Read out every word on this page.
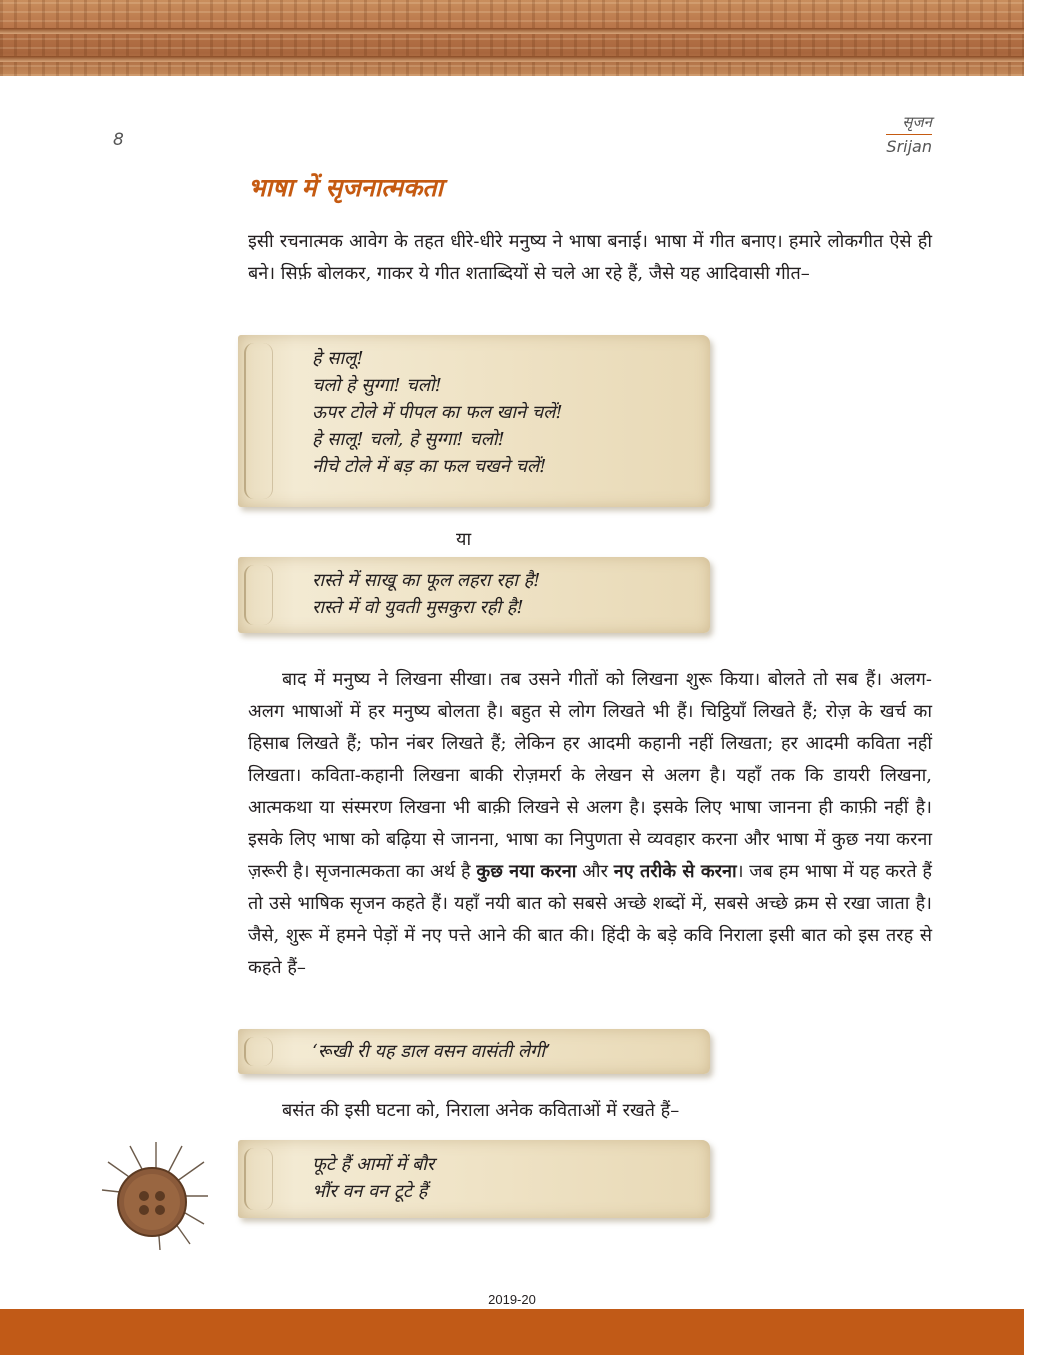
8
सृजन
Srijan
भाषा में सृजनात्मकता

इसी रचनात्मक आवेग के तहत धीरे-धीरे मनुष्य ने भाषा बनाई। भाषा में गीत बनाए। हमारे लोकगीत ऐसे ही बने। सिर्फ़ बोलकर, गाकर ये गीत शताब्दियों से चले आ रहे हैं, जैसे यह आदिवासी गीत–

हे सालू!
चलो हे सुग्गा! चलो!
ऊपर टोले में पीपल का फल खाने चलें!
हे सालू! चलो, हे सुग्गा! चलो!
नीचे टोले में बड़ का फल चखने चलें!
या
रास्ते में साखू का फूल लहरा रहा है!
रास्ते में वो युवती मुसकुरा रही है!

बाद में मनुष्य ने लिखना सीखा। तब उसने गीतों को लिखना शुरू किया। बोलते तो सब हैं। अलग-अलग भाषाओं में हर मनुष्य बोलता है। बहुत से लोग लिखते भी हैं। चिट्ठियाँ लिखते हैं; रोज़ के खर्च का हिसाब लिखते हैं; फोन नंबर लिखते हैं; लेकिन हर आदमी कहानी नहीं लिखता; हर आदमी कविता नहीं लिखता। कविता-कहानी लिखना बाकी रोज़मर्रा के लेखन से अलग है। यहाँ तक कि डायरी लिखना, आत्मकथा या संस्मरण लिखना भी बाक़ी लिखने से अलग है। इसके लिए भाषा जानना ही काफ़ी नहीं है। इसके लिए भाषा को बढ़िया से जानना, भाषा का निपुणता से व्यवहार करना और भाषा में कुछ नया करना ज़रूरी है। सृजनात्मकता का अर्थ है कुछ नया करना और नए तरीके से करना। जब हम भाषा में यह करते हैं तो उसे भाषिक सृजन कहते हैं। यहाँ नयी बात को सबसे अच्छे शब्दों में, सबसे अच्छे क्रम से रखा जाता है। जैसे, शुरू में हमने पेड़ों में नए पत्ते आने की बात की। हिंदी के बड़े कवि निराला इसी बात को इस तरह से कहते हैं–

‘रूखी री यह डाल वसन वासंती लेगी’

बसंत की इसी घटना को, निराला अनेक कविताओं में रखते हैं–

फूटे हैं आमों में बौर
भौंर वन वन टूटे हैं
2019-20
